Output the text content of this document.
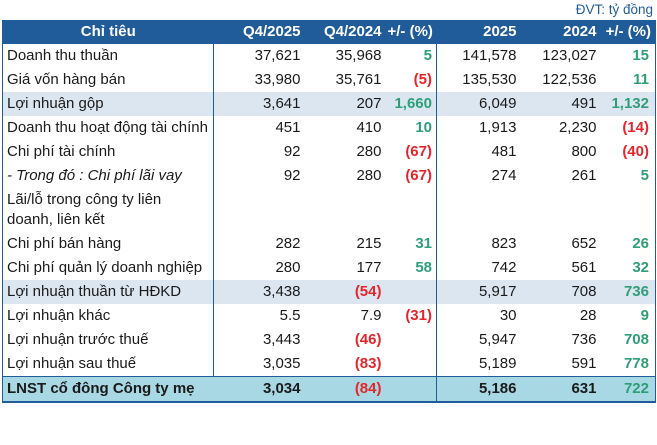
ĐVT: tỷ đồng
Chỉ tiêu	Q4/2025	Q4/2024	+/- (%)	2025	2024	+/- (%)
Doanh thu thuần	37,621	35,968	5	141,578	123,027	15
Giá vốn hàng bán	33,980	35,761	(5)	135,530	122,536	11
Lợi nhuận gộp	3,641	207	1,660	6,049	491	1,132
Doanh thu hoạt động tài chính	451	410	10	1,913	2,230	(14)
Chi phí tài chính	92	280	(67)	481	800	(40)
- Trong đó : Chi phí lãi vay	92	280	(67)	274	261	5
Lãi/lỗ trong công ty liên doanh, liên kết						
Chi phí bán hàng	282	215	31	823	652	26
Chi phí quản lý doanh nghiệp	280	177	58	742	561	32
Lợi nhuận thuần từ HĐKD	3,438	(54)		5,917	708	736
Lợi nhuận khác	5.5	7.9	(31)	30	28	9
Lợi nhuận trước thuế	3,443	(46)		5,947	736	708
Lợi nhuận sau thuế	3,035	(83)		5,189	591	778
LNST cổ đông Công ty mẹ	3,034	(84)		5,186	631	722
